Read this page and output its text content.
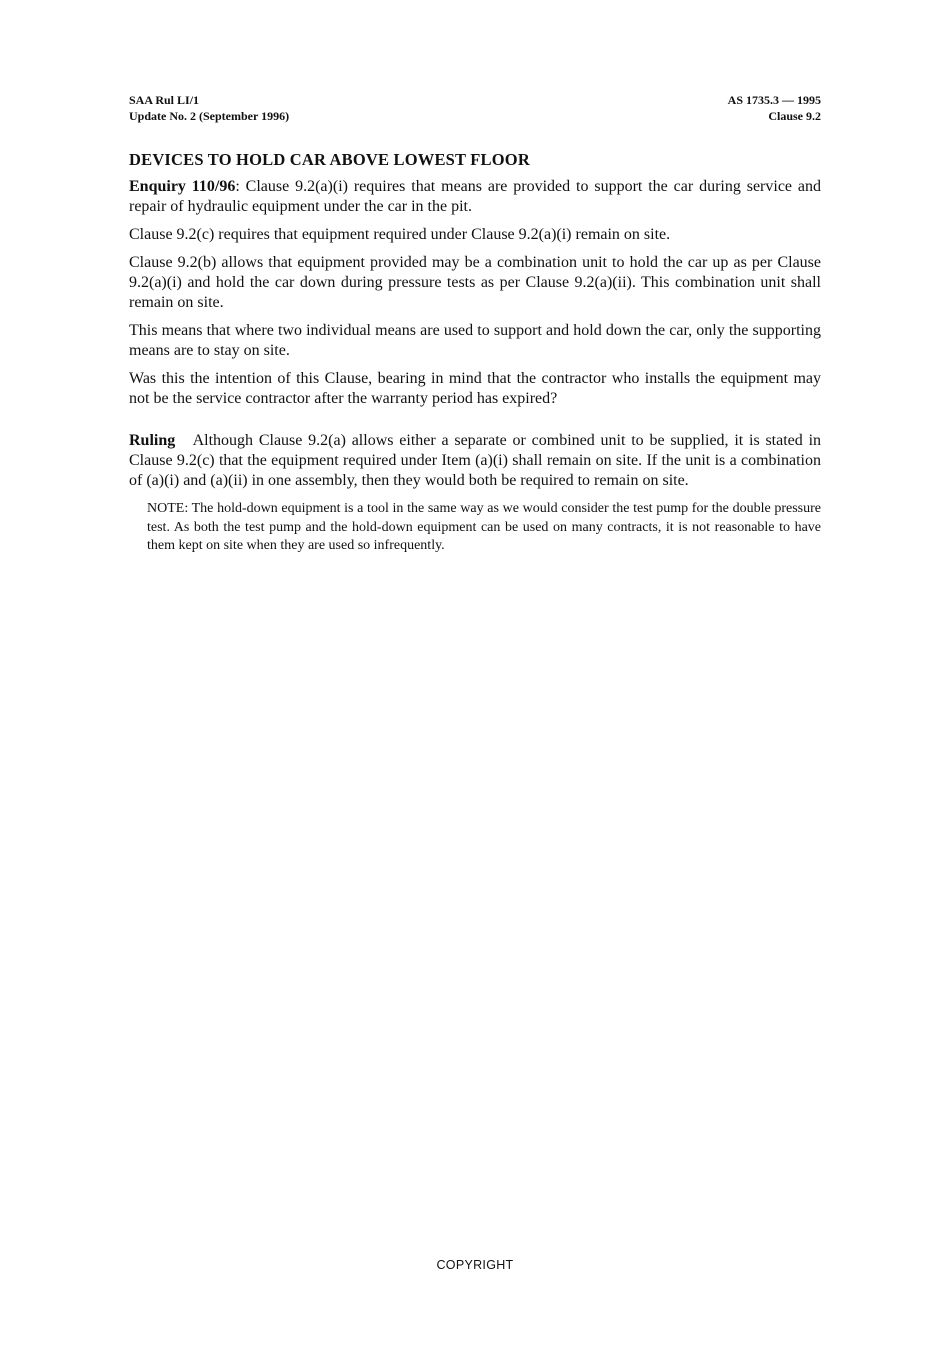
SAA Rul LI/1
Update No. 2 (September 1996)
AS 1735.3 — 1995
Clause 9.2
DEVICES TO HOLD CAR ABOVE LOWEST FLOOR

Enquiry 110/96: Clause 9.2(a)(i) requires that means are provided to support the car during service and repair of hydraulic equipment under the car in the pit.

Clause 9.2(c) requires that equipment required under Clause 9.2(a)(i) remain on site.

Clause 9.2(b) allows that equipment provided may be a combination unit to hold the car up as per Clause 9.2(a)(i) and hold the car down during pressure tests as per Clause 9.2(a)(ii). This combination unit shall remain on site.

This means that where two individual means are used to support and hold down the car, only the supporting means are to stay on site.

Was this the intention of this Clause, bearing in mind that the contractor who installs the equipment may not be the service contractor after the warranty period has expired?

Ruling Although Clause 9.2(a) allows either a separate or combined unit to be supplied, it is stated in Clause 9.2(c) that the equipment required under Item (a)(i) shall remain on site. If the unit is a combination of (a)(i) and (a)(ii) in one assembly, then they would both be required to remain on site.

NOTE: The hold-down equipment is a tool in the same way as we would consider the test pump for the double pressure test. As both the test pump and the hold-down equipment can be used on many contracts, it is not reasonable to have them kept on site when they are used so infrequently.

COPYRIGHT
